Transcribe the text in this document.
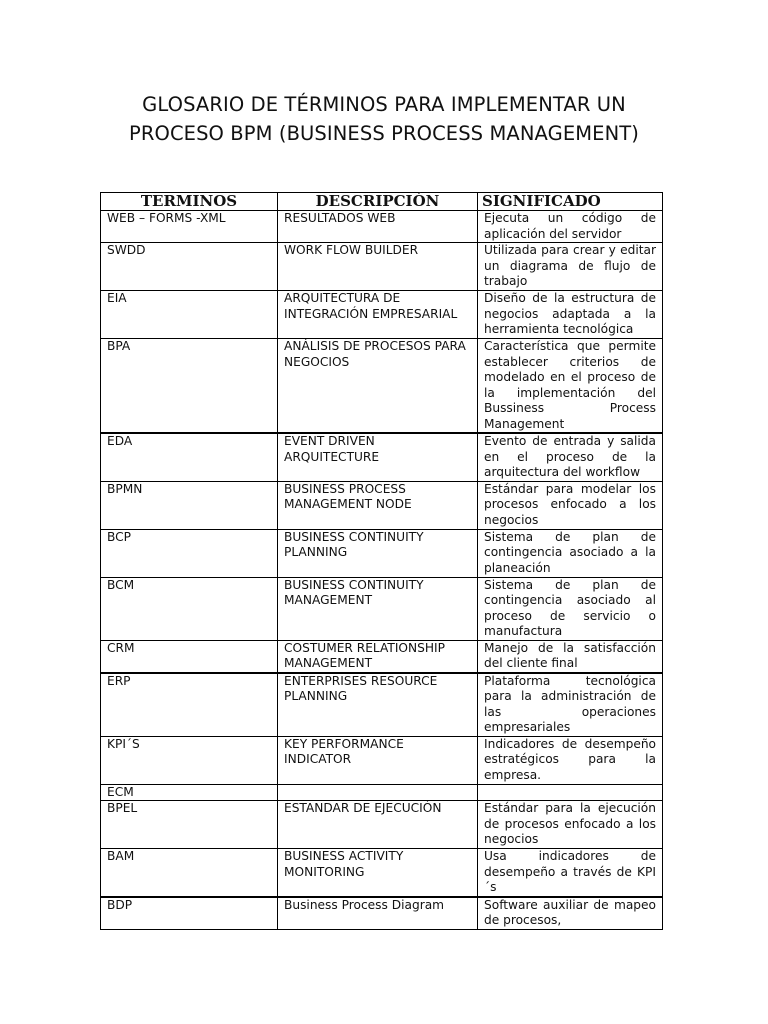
GLOSARIO DE TÉRMINOS PARA IMPLEMENTAR UN
PROCESO BPM (BUSINESS PROCESS MANAGEMENT)
TERMINOS	DESCRIPCIÓN	SIGNIFICADO
WEB – FORMS -XML	RESULTADOS WEB	Ejecuta un código de aplicación del servidor
SWDD	WORK FLOW BUILDER	Utilizada para crear y editar un diagrama de flujo de trabajo
EIA	ARQUITECTURA DE INTEGRACIÓN EMPRESARIAL	Diseño de la estructura de negocios adaptada a la herramienta tecnológica
BPA	ANÁLISIS DE PROCESOS PARA NEGOCIOS	Característica que permite establecer criterios de modelado en el proceso de la implementación del Bussiness Process Management
EDA	EVENT DRIVEN ARQUITECTURE	Evento de entrada y salida en el proceso de la arquitectura del workflow
BPMN	BUSINESS PROCESS MANAGEMENT NODE	Estándar para modelar los procesos enfocado a los negocios
BCP	BUSINESS CONTINUITY PLANNING	Sistema de plan de contingencia asociado a la planeación
BCM	BUSINESS CONTINUITY MANAGEMENT	Sistema de plan de contingencia asociado al proceso de servicio o manufactura
CRM	COSTUMER RELATIONSHIP MANAGEMENT	Manejo de la satisfacción del cliente final
ERP	ENTERPRISES RESOURCE PLANNING	Plataforma tecnológica para la administración de las operaciones empresariales
KPI´S	KEY PERFORMANCE INDICATOR	Indicadores de desempeño estratégicos para la empresa.
ECM		
BPEL	ESTANDAR DE EJECUCIÓN	Estándar para la ejecución de procesos enfocado a los negocios
BAM	BUSINESS ACTIVITY MONITORING	Usa indicadores de desempeño a través de KPI´s
BDP	Business Process Diagram	Software auxiliar de mapeo de procesos,
